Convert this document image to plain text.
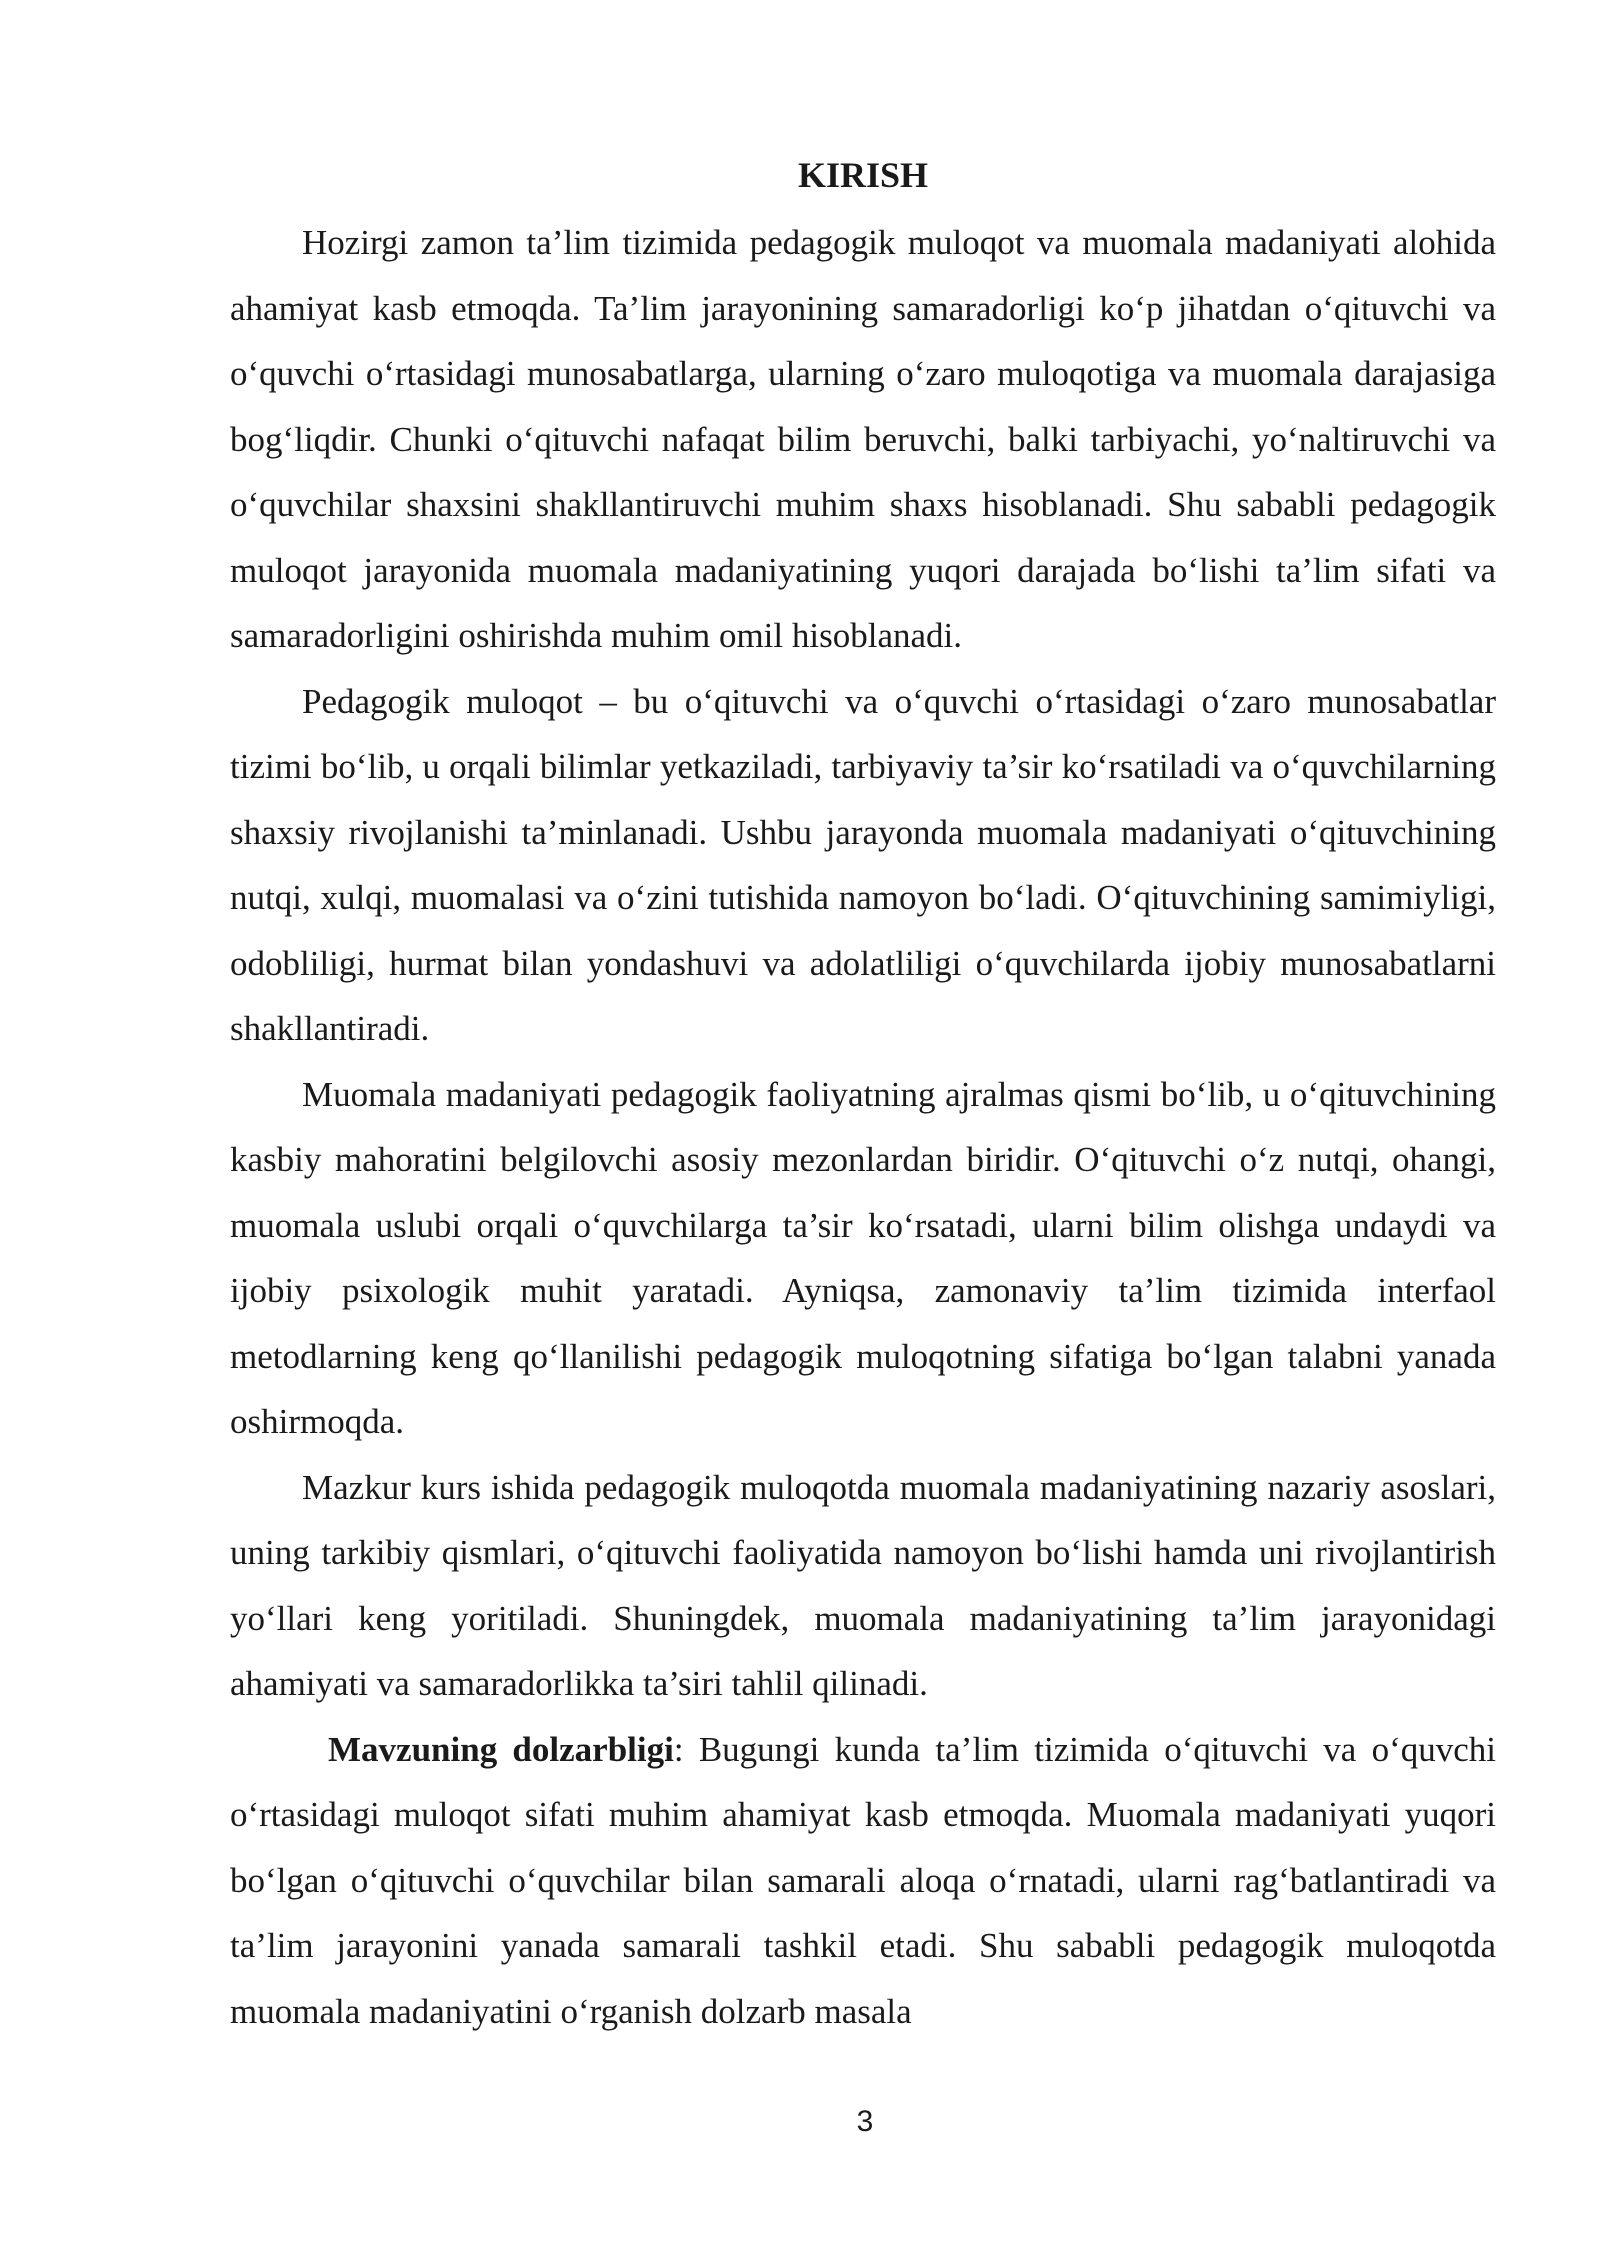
KIRISH

Hozirgi zamon ta’lim tizimida pedagogik muloqot va muomala madaniyati alohida ahamiyat kasb etmoqda. Ta’lim jarayonining samaradorligi ko‘p jihatdan o‘qituvchi va o‘quvchi o‘rtasidagi munosabatlarga, ularning o‘zaro muloqotiga va muomala darajasiga bog‘liqdir. Chunki o‘qituvchi nafaqat bilim beruvchi, balki tarbiyachi, yo‘naltiruvchi va o‘quvchilar shaxsini shakllantiruvchi muhim shaxs hisoblanadi. Shu sababli pedagogik muloqot jarayonida muomala madaniyatining yuqori darajada bo‘lishi ta’lim sifati va samaradorligini oshirishda muhim omil hisoblanadi.

Pedagogik muloqot – bu o‘qituvchi va o‘quvchi o‘rtasidagi o‘zaro munosabatlar tizimi bo‘lib, u orqali bilimlar yetkaziladi, tarbiyaviy ta’sir ko‘rsatiladi va o‘quvchilarning shaxsiy rivojlanishi ta’minlanadi. Ushbu jarayonda muomala madaniyati o‘qituvchining nutqi, xulqi, muomalasi va o‘zini tutishida namoyon bo‘ladi. O‘qituvchining samimiyligi, odobliligi, hurmat bilan yondashuvi va adolatliligi o‘quvchilarda ijobiy munosabatlarni shakllantiradi.

Muomala madaniyati pedagogik faoliyatning ajralmas qismi bo‘lib, u o‘qituvchining kasbiy mahoratini belgilovchi asosiy mezonlardan biridir. O‘qituvchi o‘z nutqi, ohangi, muomala uslubi orqali o‘quvchilarga ta’sir ko‘rsatadi, ularni bilim olishga undaydi va ijobiy psixologik muhit yaratadi. Ayniqsa, zamonaviy ta’lim tizimida interfaol metodlarning keng qo‘llanilishi pedagogik muloqotning sifatiga bo‘lgan talabni yanada oshirmoqda.

Mazkur kurs ishida pedagogik muloqotda muomala madaniyatining nazariy asoslari, uning tarkibiy qismlari, o‘qituvchi faoliyatida namoyon bo‘lishi hamda uni rivojlantirish yo‘llari keng yoritiladi. Shuningdek, muomala madaniyatining ta’lim jarayonidagi ahamiyati va samaradorlikka ta’siri tahlil qilinadi.

Mavzuning dolzarbligi: Bugungi kunda ta’lim tizimida o‘qituvchi va o‘quvchi o‘rtasidagi muloqot sifati muhim ahamiyat kasb etmoqda. Muomala madaniyati yuqori bo‘lgan o‘qituvchi o‘quvchilar bilan samarali aloqa o‘rnatadi, ularni rag‘batlantiradi va ta’lim jarayonini yanada samarali tashkil etadi. Shu sababli pedagogik muloqotda muomala madaniyatini o‘rganish dolzarb masala

3
